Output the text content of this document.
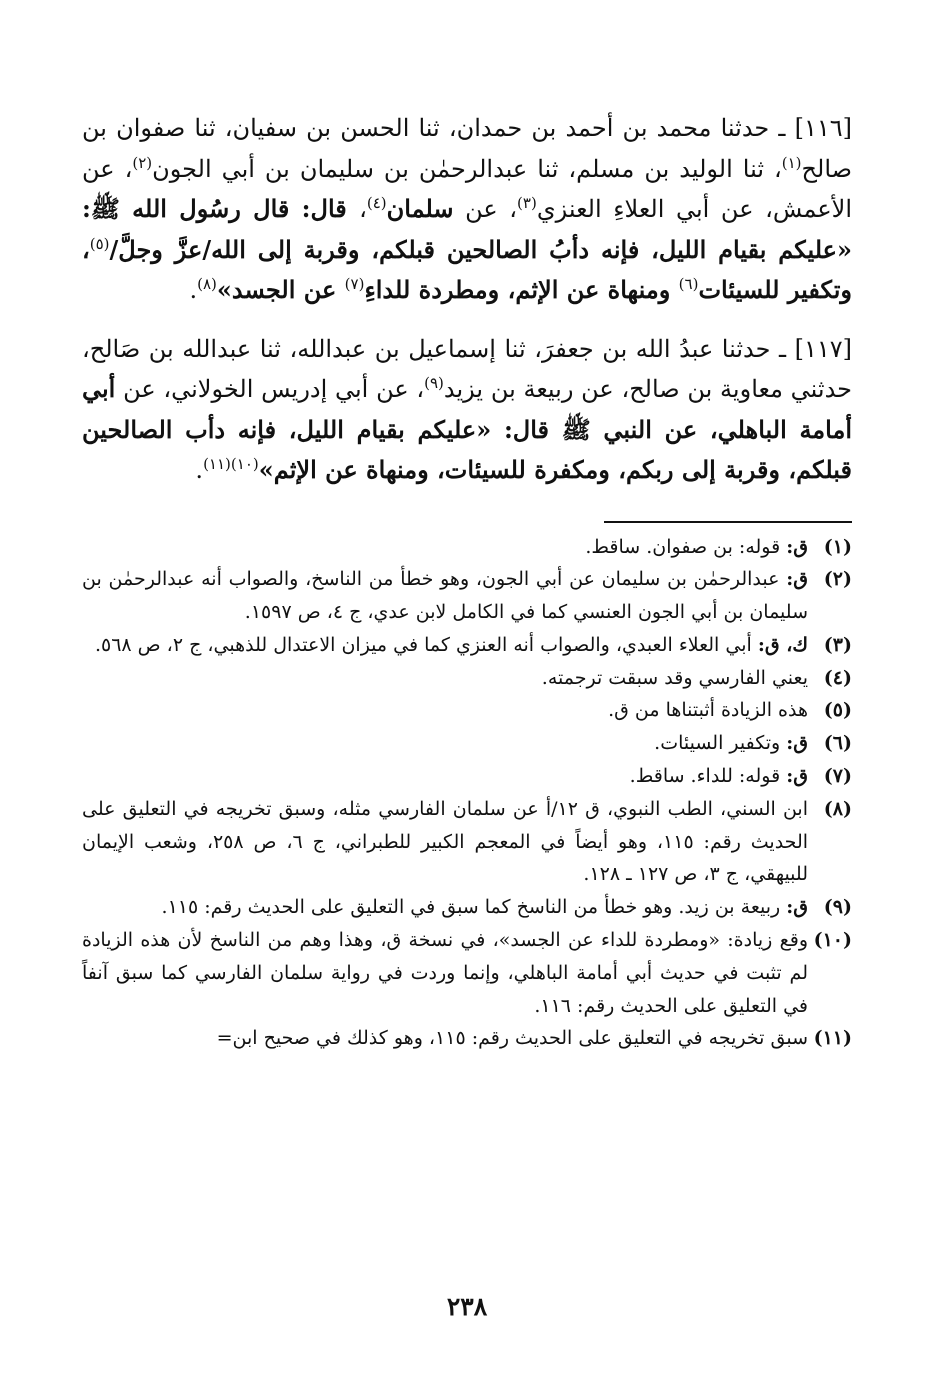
[١١٦] ـ حدثنا محمد بن أحمد بن حمدان، ثنا الحسن بن سفيان، ثنا صفوان بن صالح$^{(١)}$، ثنا الوليد بن مسلم، ثنا عبدالرحمٰن بن سليمان بن أبي الجون$^{(٢)}$، عن الأعمش، عن أبي العلاءِ العنزي$^{(٣)}$، عن سلمان$^{(٤)}$، قال: قال رسُول الله ﷺ: «عليكم بقيام الليل، فإنه دأبُ الصالحين قبلكم، وقربة إلى الله/عزَّ وجلَّ/$^{(٥)}$، وتكفير للسيئات$^{(٦)}$ ومنهاة عن الإثم، ومطردة للداءِ$^{(٧)}$ عن الجسد»$^{(٨)}$.

[١١٧] ـ حدثنا عبدُ الله بن جعفرَ، ثنا إسماعيل بن عبدالله، ثنا عبدالله بن صَالح، حدثني معاوية بن صالح، عن ربيعة بن يزيد$^{(٩)}$، عن أبي إدريس الخولاني، عن أبي أمامة الباهلي، عن النبي ﷺ قال: «عليكم بقيام الليل، فإنه دأب الصالحين قبلكم، وقربة إلى ربكم، ومكفرة للسيئات، ومنهاة عن الإثم»$^{(١٠)(١١)}$.

(١)
ق: قوله: بن صفوان. ساقط.
(٢)
ق: عبدالرحمٰن بن سليمان عن أبي الجون، وهو خطأ من الناسخ، والصواب أنه عبدالرحمٰن بن سليمان بن أبي الجون العنسي كما في الكامل لابن عدي، ج ٤، ص ١٥٩٧.
(٣)
ك، ق: أبي العلاء العبدي، والصواب أنه العنزي كما في ميزان الاعتدال للذهبي، ج ٢، ص ٥٦٨.
(٤)
يعني الفارسي وقد سبقت ترجمته.
(٥)
هذه الزيادة أثبتناها من ق.
(٦)
ق: وتكفير السيئات.
(٧)
ق: قوله: للداء. ساقط.
(٨)
ابن السني، الطب النبوي، ق ١٢/أ عن سلمان الفارسي مثله، وسبق تخريجه في التعليق على الحديث رقم: ١١٥، وهو أيضاً في المعجم الكبير للطبراني، ج ٦، ص ٢٥٨، وشعب الإيمان للبيهقي، ج ٣، ص ١٢٧ ـ ١٢٨.
(٩)
ق: ربيعة بن زيد. وهو خطأ من الناسخ كما سبق في التعليق على الحديث رقم: ١١٥.
(١٠)
وقع زيادة: «ومطردة للداء عن الجسد»، في نسخة ق، وهذا وهم من الناسخ لأن هذه الزيادة لم تثبت في حديث أبي أمامة الباهلي، وإنما وردت في رواية سلمان الفارسي كما سبق آنفاً في التعليق على الحديث رقم: ١١٦.
(١١)
سبق تخريجه في التعليق على الحديث رقم: ١١٥، وهو كذلك في صحيح ابن=
٢٣٨
